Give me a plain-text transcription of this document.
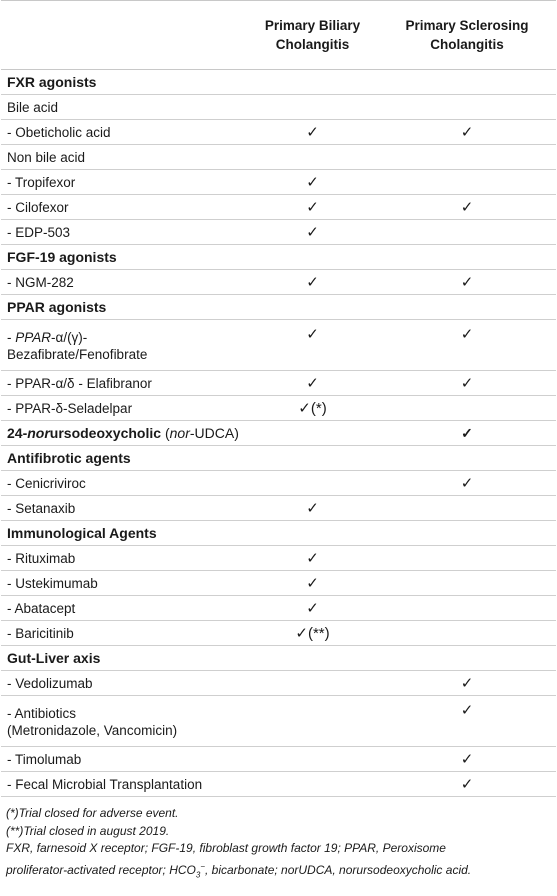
	Primary Biliary Cholangitis	Primary Sclerosing Cholangitis
FXR agonists		
Bile acid		
- Obeticholic acid	✓	✓
Non bile acid		
- Tropifexor	✓	
- Cilofexor	✓	✓
- EDP-503	✓	
FGF-19 agonists		
- NGM-282	✓	✓
PPAR agonists		

- PPAR-α/(γ)-
Bezafibrate/Fenofibrate	✓	✓
- PPAR-α/δ - Elafibranor	✓	✓
- PPAR-δ-Seladelpar	✓(*)	
24-norursodeoxycholic (nor-UDCA)		✓
Antifibrotic agents		
- Cenicriviroc		✓
- Setanaxib	✓	
Immunological Agents		
- Rituximab	✓	
- Ustekimumab	✓	
- Abatacept	✓	
- Baricitinib	✓(**)	
Gut-Liver axis		
- Vedolizumab		✓

- Antibiotics
(Metronidazole, Vancomicin)		✓
- Timolumab		✓
- Fecal Microbial Transplantation		✓
(*)Trial closed for adverse event.
(**)Trial closed in august 2019.
FXR, farnesoid X receptor; FGF-19, fibroblast growth factor 19; PPAR, Peroxisome
proliferator-activated receptor; $HCO_3^-$, bicarbonate; norUDCA, norursodeoxycholic acid.
